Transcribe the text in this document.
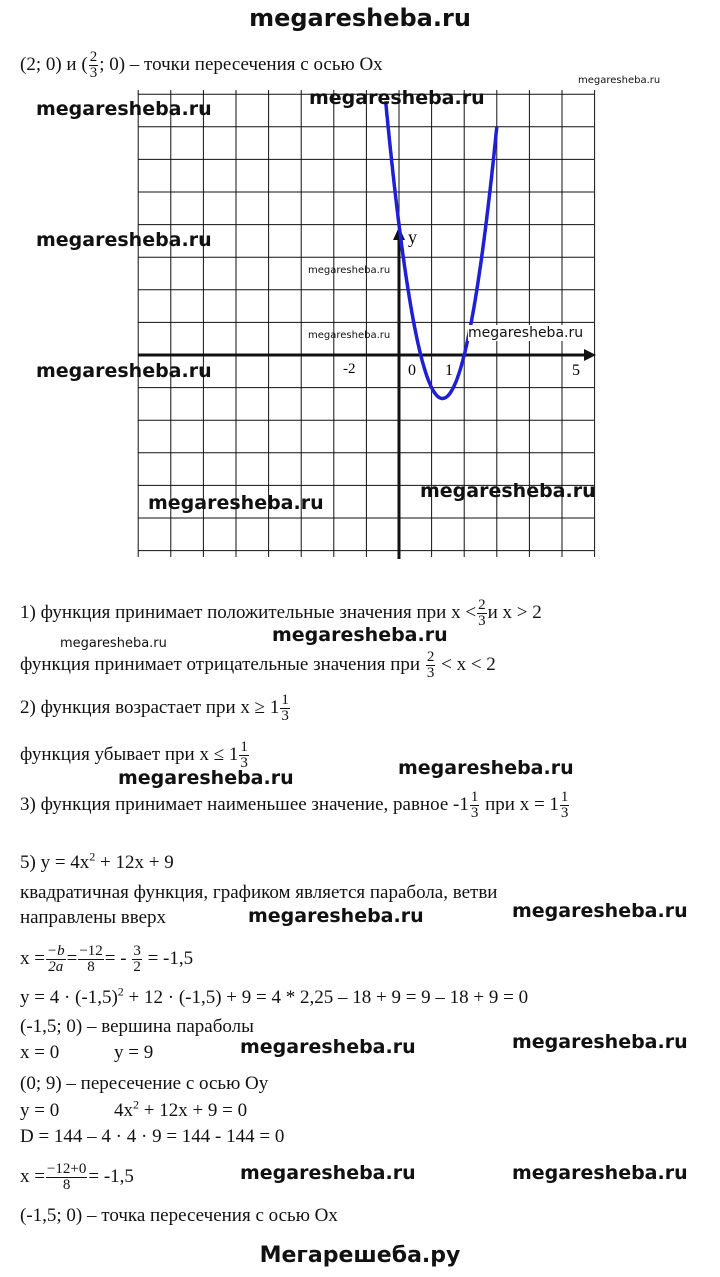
megaresheba.ru
(2; 0) и ( $\frac{2}{3}$ ; 0) – точки пересечения с осью Ox
megaresheba.ru
y
-2	0 1	5
megaresheba.ru	megaresheba.ru
megaresheba.ru
megaresheba.ru
megaresheba.ru	megaresheba.ru
megaresheba.ru
megaresheba.ru
megaresheba.ru
1) функция принимает положительные значения при $x < \frac{2}{3}$ и x > 2
megaresheba.ru	megaresheba.ru
функция принимает отрицательные значения при $\frac{2}{3} < x < 2$
2) функция возрастает при $x \ge 1 \frac{1}{3}$
функция убывает при $x \le 1 \frac{1}{3}$
megaresheba.ru	megaresheba.ru
3) функция принимает наименьшее значение, равное $-1 \frac{1}{3}$ при $x = 1 \frac{1}{3}$
5) $y = 4x^2 + 12x + 9$
квадратичная функция, графиком является парабола, ветви
направлены вверх	megaresheba.ru	megaresheba.ru
$x = \frac{-b}{2a} = \frac{-12}{8}$ = - $\frac{3}{2} = -1,5$
$y = 4 \cdot (-1,5)^2 + 12 \cdot (-1,5) + 9 = 4 * 2,25 - 18 + 9 = 9 - 18 + 9 = 0$
(-1,5; 0) – вершина параболы
x = 0	y = 9	megaresheba.ru	megaresheba.ru
(0; 9) – пересечение с осью Oy
y = 0	$4x^2 + 12x + 9 = 0$
D = 144 – 4 · 4 · 9 = 144 - 144 = 0
$x = \frac{-12+0}{8} = -1,5$	megaresheba.ru	megaresheba.ru
(-1,5; 0) – точка пересечения с осью Ox
Мегарешеба.ру
